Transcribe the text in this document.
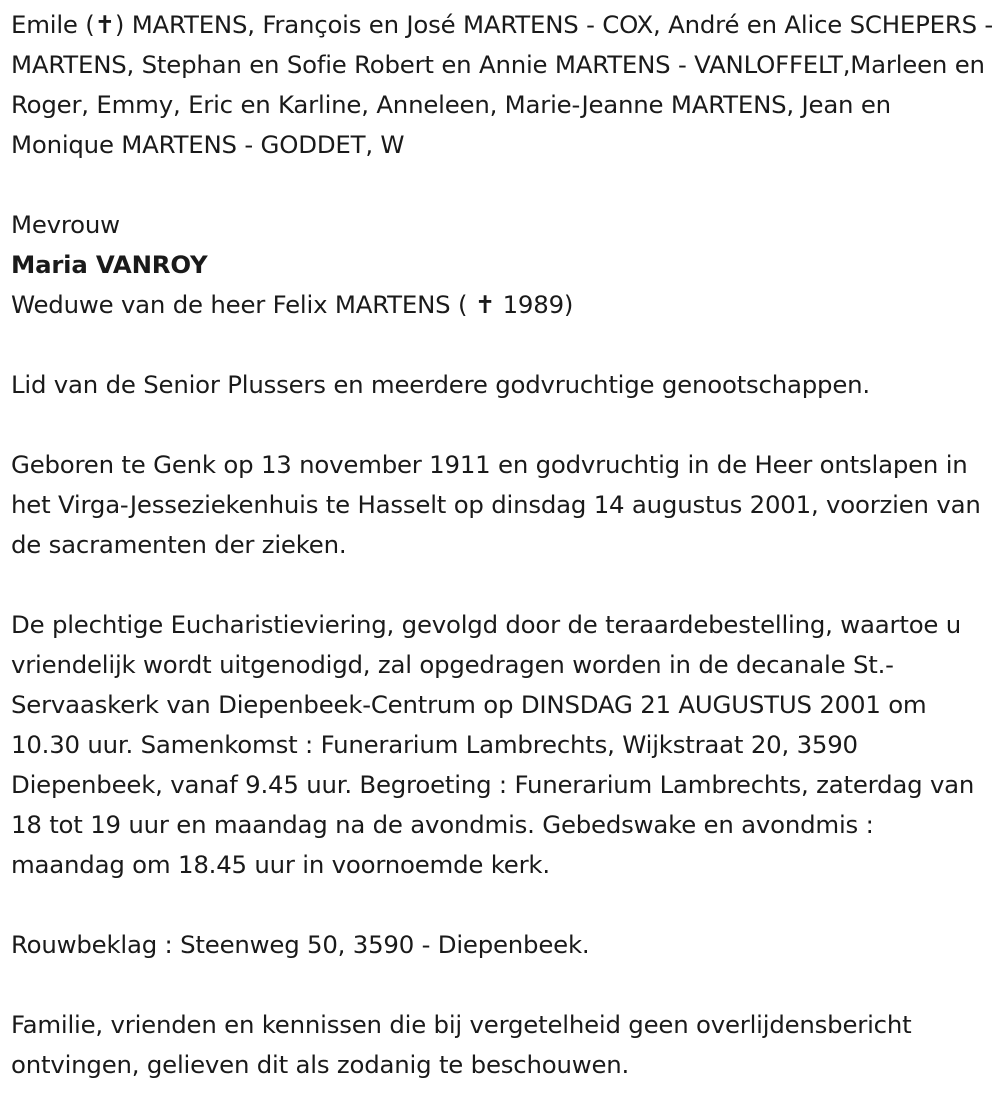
Emile (✝) MARTENS, François en José MARTENS - COX, André en Alice SCHEPERS - MARTENS, Stephan en Sofie Robert en Annie MARTENS - VANLOFFELT,Marleen en Roger, Emmy, Eric en Karline, Anneleen, Marie-Jeanne MARTENS, Jean en Monique MARTENS - GODDET, W

Mevrouw

Maria VANROY

Weduwe van de heer Felix MARTENS ( ✝ 1989)

Lid van de Senior Plussers en meerdere godvruchtige genootschappen.

Geboren te Genk op 13 november 1911 en godvruchtig in de Heer ontslapen in het Virga-Jesseziekenhuis te Hasselt op dinsdag 14 augustus 2001, voorzien van de sacramenten der zieken.

De plechtige Eucharistieviering, gevolgd door de teraardebestelling, waartoe u vriendelijk wordt uitgenodigd, zal opgedragen worden in de decanale St.-Servaaskerk van Diepenbeek-Centrum op DINSDAG 21 AUGUSTUS 2001 om 10.30 uur. Samenkomst : Funerarium Lambrechts, Wijkstraat 20, 3590 Diepenbeek, vanaf 9.45 uur. Begroeting : Funerarium Lambrechts, zaterdag van 18 tot 19 uur en maandag na de avondmis. Gebedswake en avondmis : maandag om 18.45 uur in voornoemde kerk.

Rouwbeklag : Steenweg 50, 3590 - Diepenbeek.

Familie, vrienden en kennissen die bij vergetelheid geen overlijdensbericht ontvingen, gelieven dit als zodanig te beschouwen.
